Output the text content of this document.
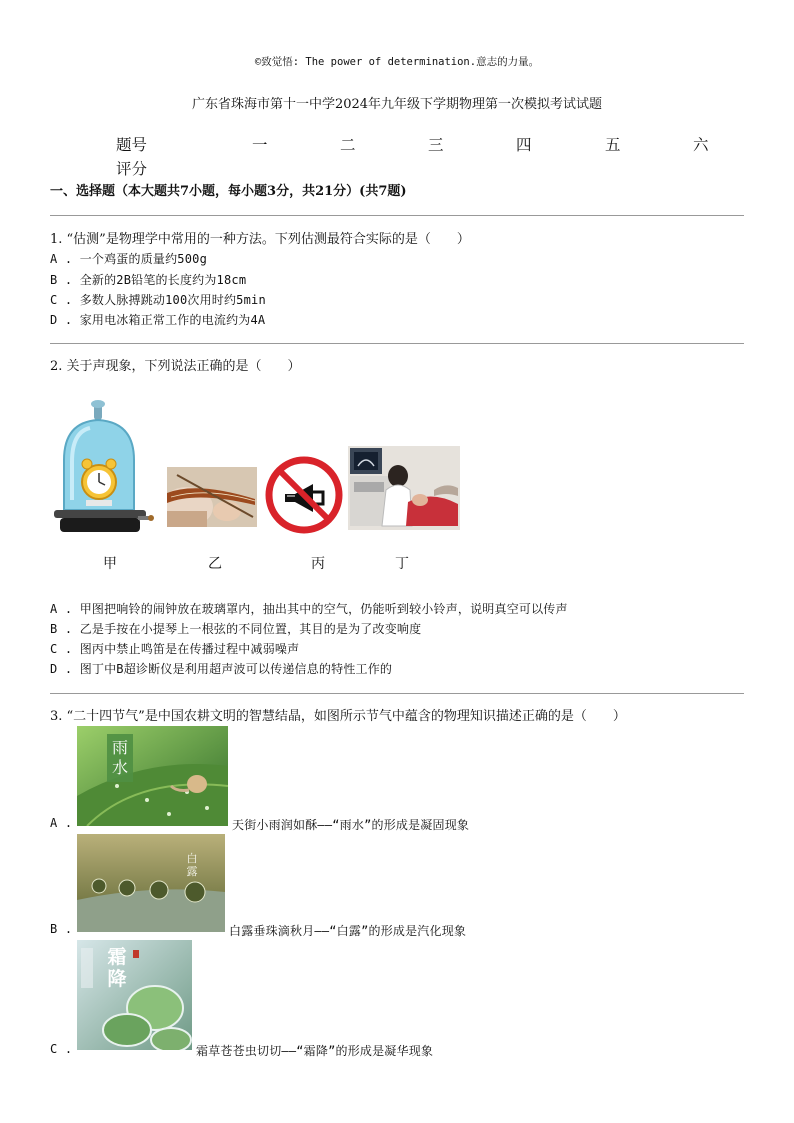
©致觉悟: The power of determination.意志的力量。
广东省珠海市第十一中学2024年九年级下学期物理第一次模拟考试试题
题号	一	二	三	四	五	六
评分
一、选择题（本大题共7小题，每小题3分，共21分）(共7题)
1. “估测”是物理学中常用的一种方法。下列估测最符合实际的是（　　）
A . 一个鸡蛋的质量约500g
B . 全新的2B铅笔的长度约为18cm
C . 多数人脉搏跳动100次用时约5min
D . 家用电冰箱正常工作的电流约为4A
2. 关于声现象，下列说法正确的是（　　）
甲	乙	丙	丁
A . 甲图把响铃的闹钟放在玻璃罩内，抽出其中的空气，仍能听到较小铃声，说明真空可以传声
B . 乙是手按在小提琴上一根弦的不同位置，其目的是为了改变响度
C . 图丙中禁止鸣笛是在传播过程中减弱噪声
D . 图丁中B超诊断仪是利用超声波可以传递信息的特性工作的
3. “二十四节气”是中国农耕文明的智慧结晶，如图所示节气中蕴含的物理知识描述正确的是（　　）
A .
雨水
天街小雨润如酥——“雨水”的形成是凝固现象
B .
白露
白露垂珠滴秋月——“白露”的形成是汽化现象
C .
霜降
霜草苍苍虫切切——“霜降”的形成是凝华现象
